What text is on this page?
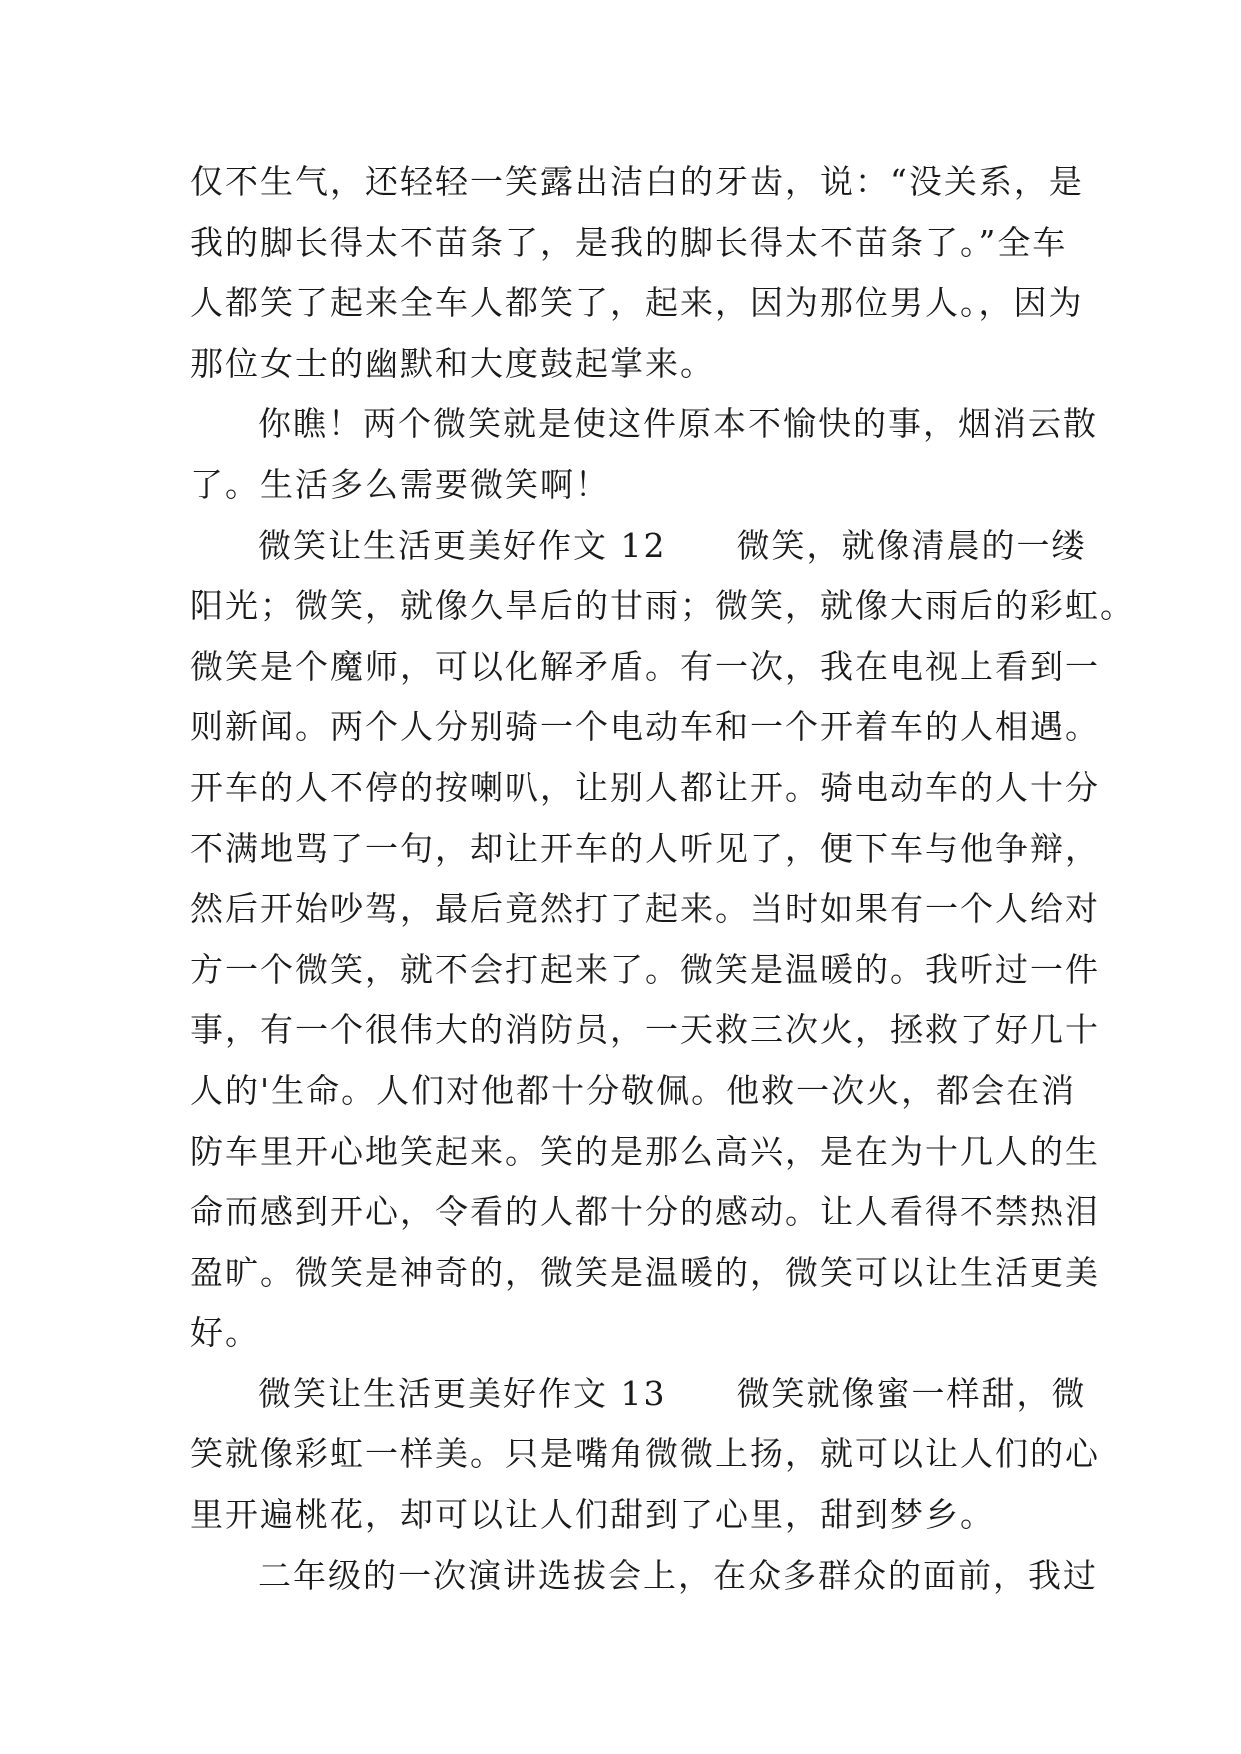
仅不生气，还轻轻一笑露出洁白的牙齿，说：“没关系，是
我的脚长得太不苗条了，是我的脚长得太不苗条了。”全车
人都笑了起来全车人都笑了，起来，因为那位男人。，因为
那位女士的幽默和大度鼓起掌来。
你瞧！两个微笑就是使这件原本不愉快的事，烟消云散
了。生活多么需要微笑啊！
微笑让生活更美好作文 12　　微笑，就像清晨的一缕
阳光；微笑，就像久旱后的甘雨；微笑，就像大雨后的彩虹。
微笑是个魔师，可以化解矛盾。有一次，我在电视上看到一
则新闻。两个人分别骑一个电动车和一个开着车的人相遇。
开车的人不停的按喇叭，让别人都让开。骑电动车的人十分
不满地骂了一句，却让开车的人听见了，便下车与他争辩，
然后开始吵驾，最后竟然打了起来。当时如果有一个人给对
方一个微笑，就不会打起来了。微笑是温暖的。我听过一件
事，有一个很伟大的消防员，一天救三次火，拯救了好几十
人的'生命。人们对他都十分敬佩。他救一次火，都会在消
防车里开心地笑起来。笑的是那么高兴，是在为十几人的生
命而感到开心，令看的人都十分的感动。让人看得不禁热泪
盈旷。微笑是神奇的，微笑是温暖的，微笑可以让生活更美
好。
微笑让生活更美好作文 13　　微笑就像蜜一样甜，微
笑就像彩虹一样美。只是嘴角微微上扬，就可以让人们的心
里开遍桃花，却可以让人们甜到了心里，甜到梦乡。
二年级的一次演讲选拔会上，在众多群众的面前，我过
